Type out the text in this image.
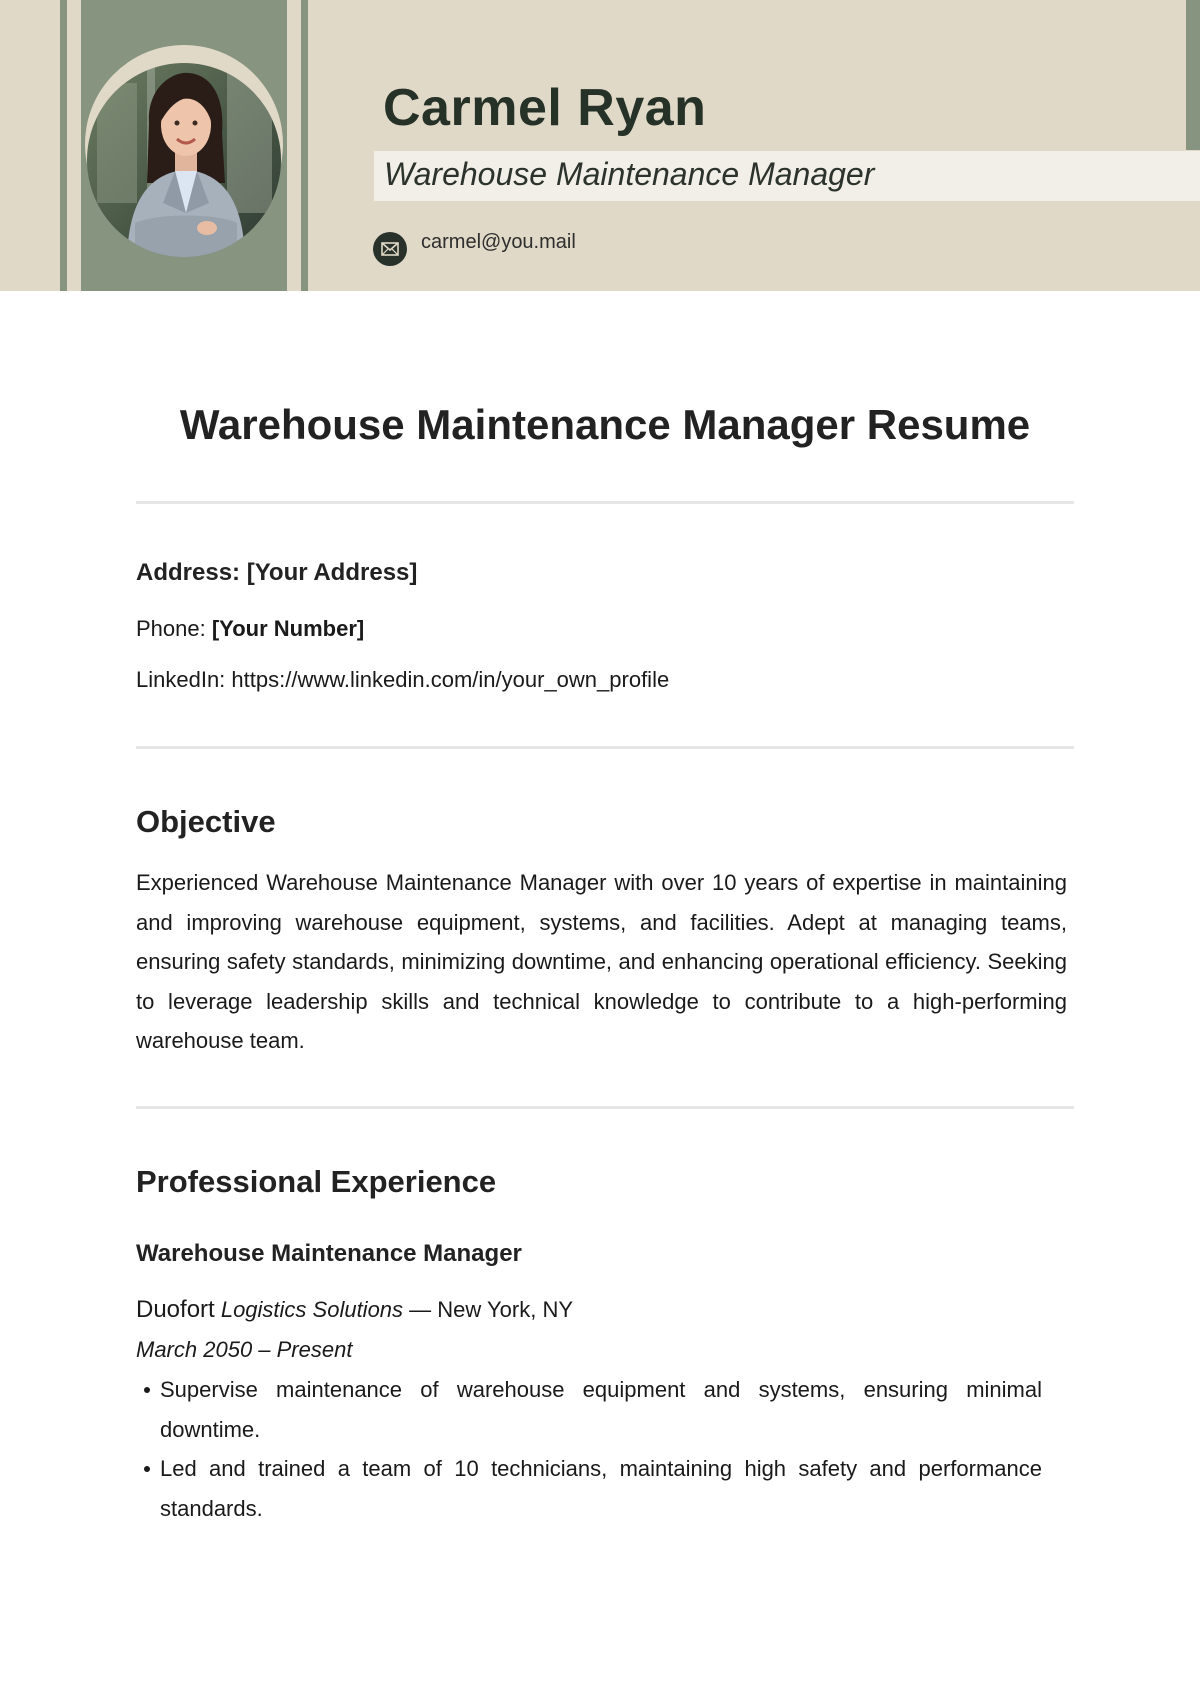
Carmel Ryan
Warehouse Maintenance Manager
carmel@you.mail
Warehouse Maintenance Manager Resume
Address: [Your Address]
Phone: [Your Number]
LinkedIn: https://www.linkedin.com/in/your_own_profile
Objective

Experienced Warehouse Maintenance Manager with over 10 years of expertise in maintaining and improving warehouse equipment, systems, and facilities. Adept at managing teams, ensuring safety standards, minimizing downtime, and enhancing operational efficiency. Seeking to leverage leadership skills and technical knowledge to contribute to a high-performing warehouse team.

Professional Experience
Warehouse Maintenance Manager
Duofort Logistics Solutions — New York, NY
March 2050 – Present
Supervise maintenance of warehouse equipment and systems, ensuring minimal downtime.
Led and trained a team of 10 technicians, maintaining high safety and performance standards.
